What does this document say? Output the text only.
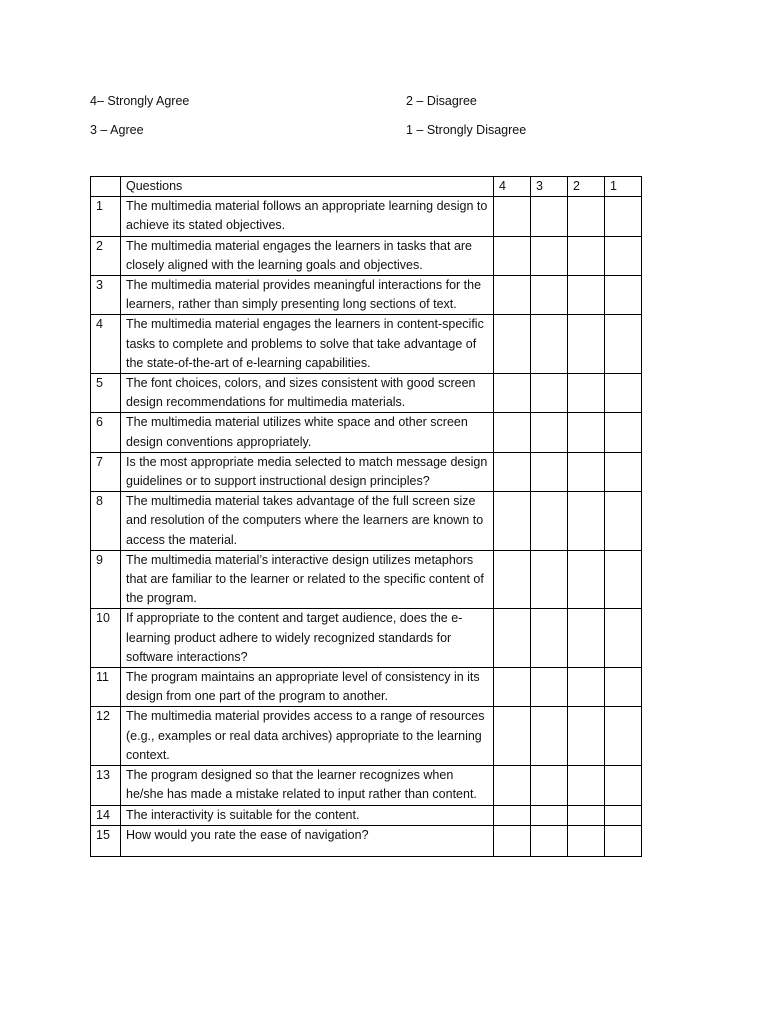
4– Strongly Agree
3 – Agree
2 – Disagree
1 – Strongly Disagree
	Questions	4	3	2	1
1	The multimedia material follows an appropriate learning design to achieve its stated objectives.				
2	The multimedia material engages the learners in tasks that are closely aligned with the learning goals and objectives.				
3	The multimedia material provides meaningful interactions for the learners, rather than simply presenting long sections of text.				
4	The multimedia material engages the learners in content-specific tasks to complete and problems to solve that take advantage of the state-of-the-art of e-learning capabilities.				
5	The font choices, colors, and sizes consistent with good screen design recommendations for multimedia materials.				
6	The multimedia material utilizes white space and other screen design conventions appropriately.				
7	Is the most appropriate media selected to match message design guidelines or to support instructional design principles?				
8	The multimedia material takes advantage of the full screen size and resolution of the computers where the learners are known to access the material.				
9	The multimedia material’s interactive design utilizes metaphors that are familiar to the learner or related to the specific content of the program.				
10	If appropriate to the content and target audience, does the e-learning product adhere to widely recognized standards for software interactions?				
11	The program maintains an appropriate level of consistency in its design from one part of the program to another.				
12	The multimedia material provides access to a range of resources (e.g., examples or real data archives) appropriate to the learning context.				
13	The program designed so that the learner recognizes when he/she has made a mistake related to input rather than content.				
14	The interactivity is suitable for the content.				
15	How would you rate the ease of navigation?				
